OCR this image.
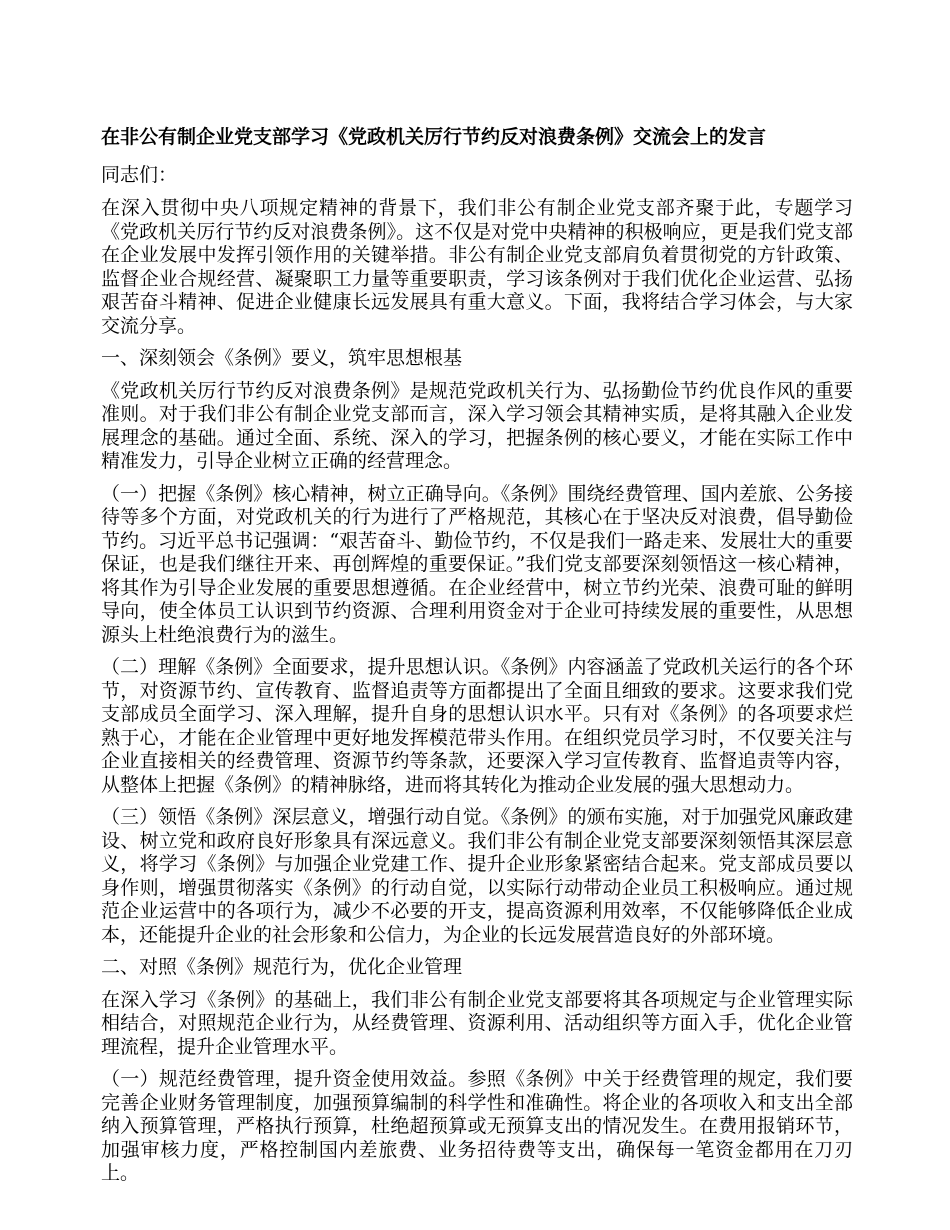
在非公有制企业党支部学习《党政机关厉行节约反对浪费条例》交流会上的发言

同志们：

在深入贯彻中央八项规定精神的背景下，我们非公有制企业党支部齐聚于此，专题学习《党政机关厉行节约反对浪费条例》。这不仅是对党中央精神的积极响应，更是我们党支部在企业发展中发挥引领作用的关键举措。非公有制企业党支部肩负着贯彻党的方针政策、监督企业合规经营、凝聚职工力量等重要职责，学习该条例对于我们优化企业运营、弘扬艰苦奋斗精神、促进企业健康长远发展具有重大意义。下面，我将结合学习体会，与大家交流分享。

一、深刻领会《条例》要义，筑牢思想根基

《党政机关厉行节约反对浪费条例》是规范党政机关行为、弘扬勤俭节约优良作风的重要准则。对于我们非公有制企业党支部而言，深入学习领会其精神实质，是将其融入企业发展理念的基础。通过全面、系统、深入的学习，把握条例的核心要义，才能在实际工作中精准发力，引导企业树立正确的经营理念。

（一）把握《条例》核心精神，树立正确导向。《条例》围绕经费管理、国内差旅、公务接待等多个方面，对党政机关的行为进行了严格规范，其核心在于坚决反对浪费，倡导勤俭节约。习近平总书记强调：“艰苦奋斗、勤俭节约，不仅是我们一路走来、发展壮大的重要保证，也是我们继往开来、再创辉煌的重要保证。”我们党支部要深刻领悟这一核心精神，将其作为引导企业发展的重要思想遵循。在企业经营中，树立节约光荣、浪费可耻的鲜明导向，使全体员工认识到节约资源、合理利用资金对于企业可持续发展的重要性，从思想源头上杜绝浪费行为的滋生。

（二）理解《条例》全面要求，提升思想认识。《条例》内容涵盖了党政机关运行的各个环节，对资源节约、宣传教育、监督追责等方面都提出了全面且细致的要求。这要求我们党支部成员全面学习、深入理解，提升自身的思想认识水平。只有对《条例》的各项要求烂熟于心，才能在企业管理中更好地发挥模范带头作用。在组织党员学习时，不仅要关注与企业直接相关的经费管理、资源节约等条款，还要深入学习宣传教育、监督追责等内容，从整体上把握《条例》的精神脉络，进而将其转化为推动企业发展的强大思想动力。

（三）领悟《条例》深层意义，增强行动自觉。《条例》的颁布实施，对于加强党风廉政建设、树立党和政府良好形象具有深远意义。我们非公有制企业党支部要深刻领悟其深层意义，将学习《条例》与加强企业党建工作、提升企业形象紧密结合起来。党支部成员要以身作则，增强贯彻落实《条例》的行动自觉，以实际行动带动企业员工积极响应。通过规范企业运营中的各项行为，减少不必要的开支，提高资源利用效率，不仅能够降低企业成本，还能提升企业的社会形象和公信力，为企业的长远发展营造良好的外部环境。

二、对照《条例》规范行为，优化企业管理

在深入学习《条例》的基础上，我们非公有制企业党支部要将其各项规定与企业管理实际相结合，对照规范企业行为，从经费管理、资源利用、活动组织等方面入手，优化企业管理流程，提升企业管理水平。

（一）规范经费管理，提升资金使用效益。参照《条例》中关于经费管理的规定，我们要完善企业财务管理制度，加强预算编制的科学性和准确性。将企业的各项收入和支出全部纳入预算管理，严格执行预算，杜绝超预算或无预算支出的情况发生。在费用报销环节，加强审核力度，严格控制国内差旅费、业务招待费等支出，确保每一笔资金都用在刀刃上。
